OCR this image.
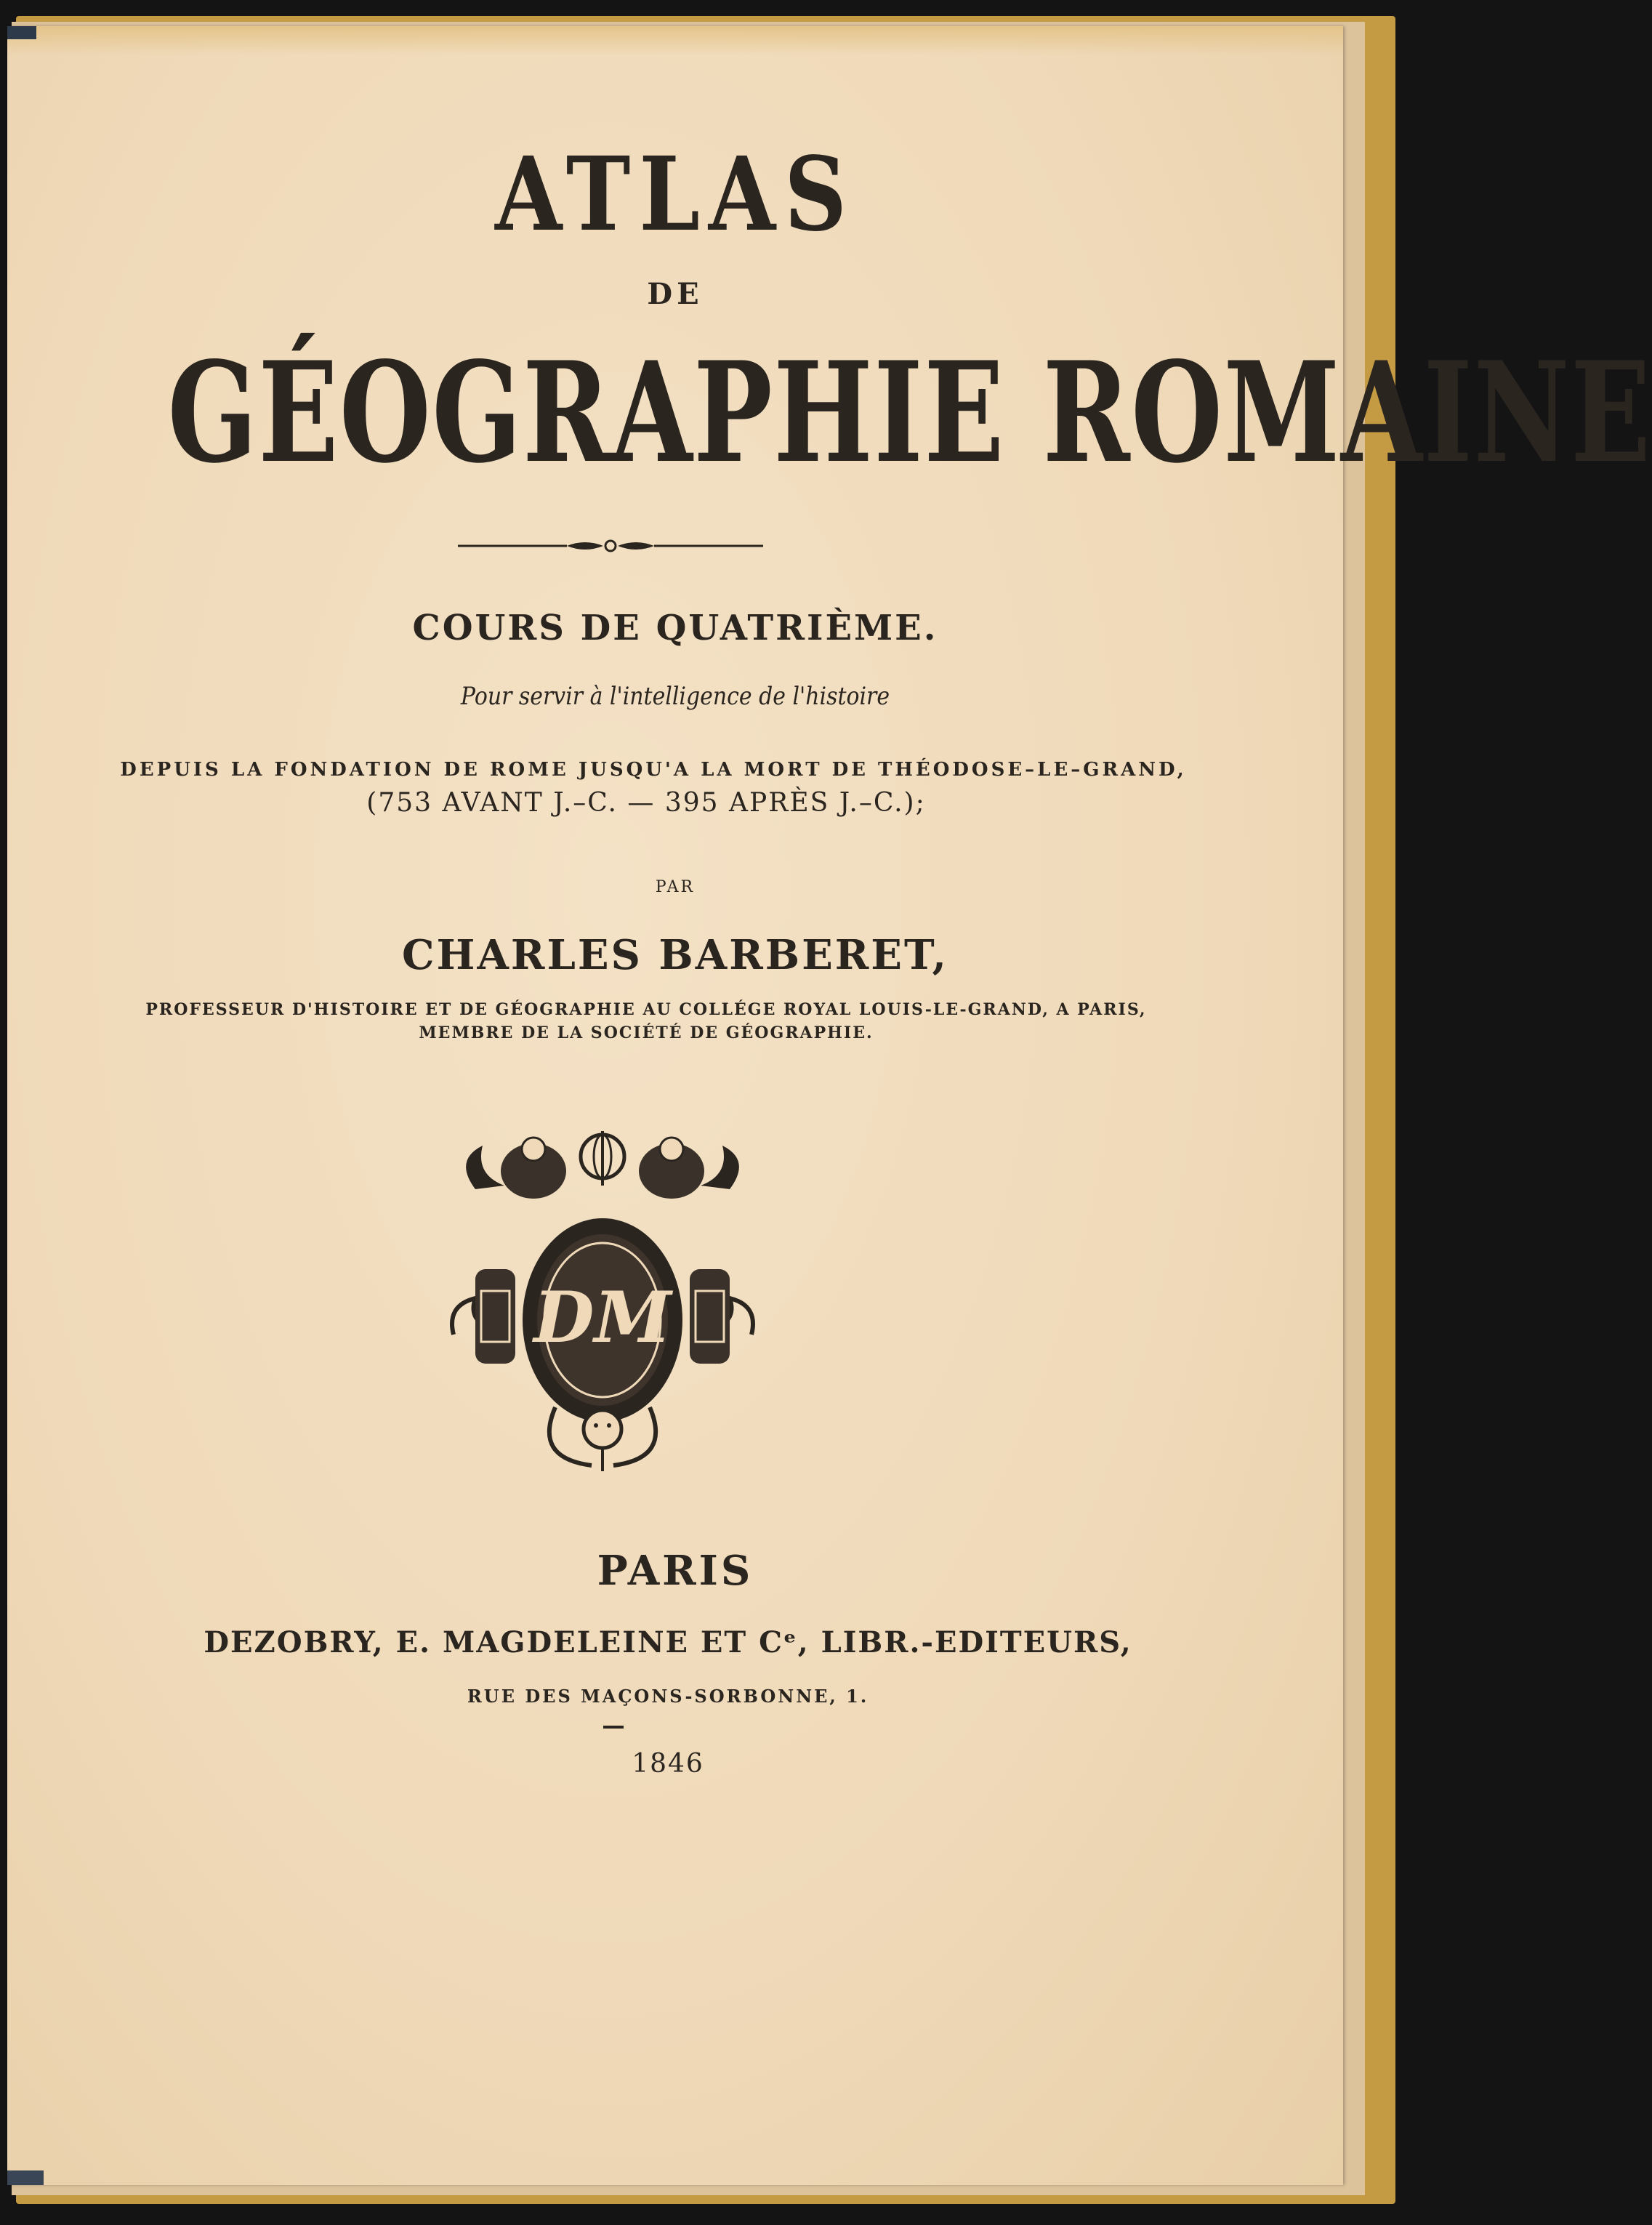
ATLAS
DE
GÉOGRAPHIE ROMAINE
COURS DE QUATRIÈME.
Pour servir à l'intelligence de l'histoire
DEPUIS LA FONDATION DE ROME JUSQU'A LA MORT DE THÉODOSE–LE–GRAND,
(753 AVANT J.–C. — 395 APRÈS J.–C.);
PAR
CHARLES BARBERET,
PROFESSEUR D'HISTOIRE ET DE GÉOGRAPHIE AU COLLÉGE ROYAL LOUIS-LE-GRAND, A PARIS,
MEMBRE DE LA SOCIÉTÉ DE GÉOGRAPHIE.
DM
PARIS
DEZOBRY, E. MAGDELEINE ET Cᵉ, LIBR.-EDITEURS,
RUE DES MAÇONS-SORBONNE, 1.
1846
